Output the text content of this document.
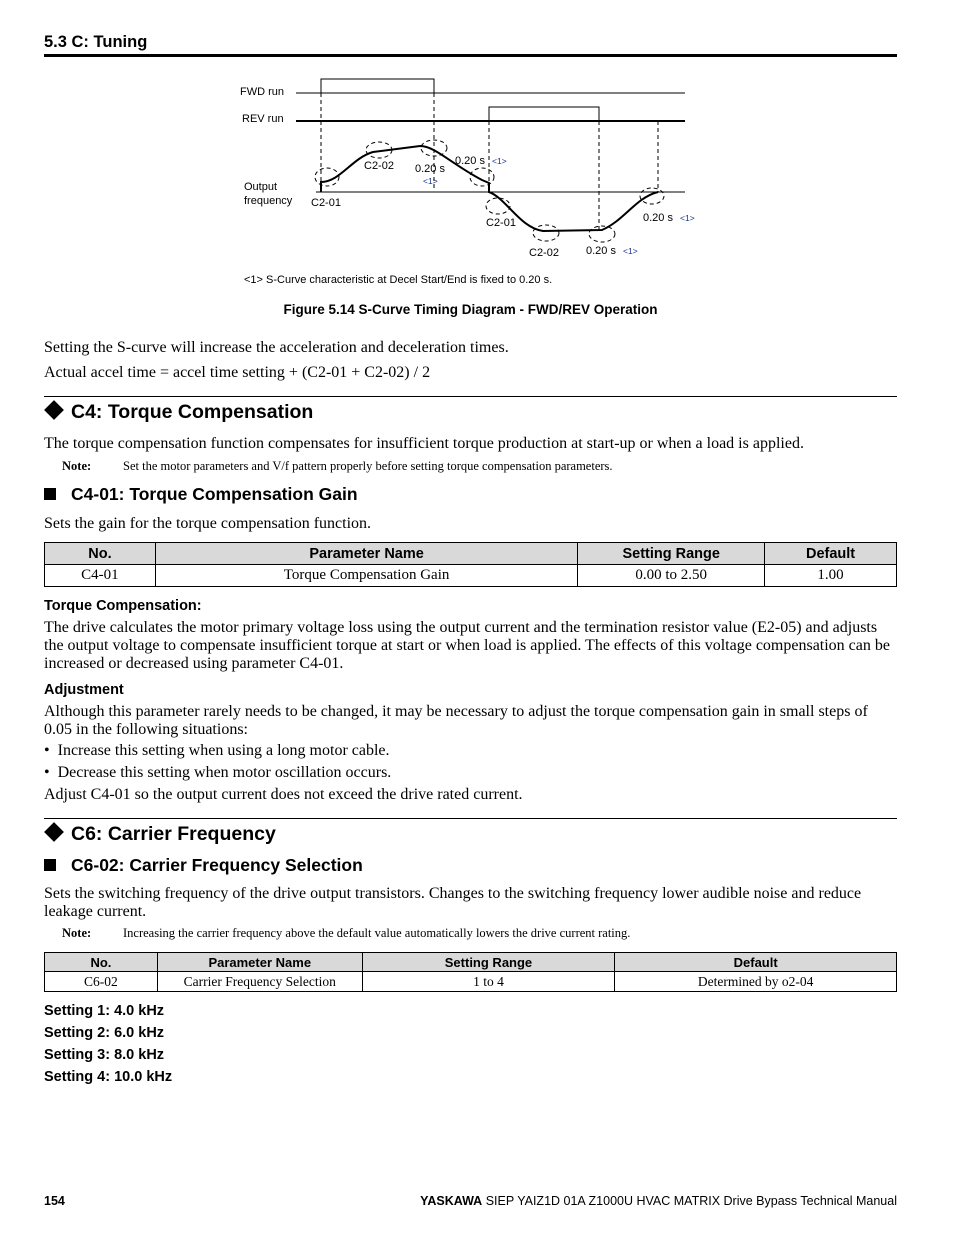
5.3 C: Tuning
FWD run
REV run
Output
frequency
C2-02
C2-01
0.20 s
<1>
0.20 s <1>
C2-01
C2-02
0.20 s <1>
0.20 s <1>
<1> S-Curve characteristic at Decel Start/End is fixed to 0.20 s.
Figure 5.14 S-Curve Timing Diagram - FWD/REV Operation
Setting the S-curve will increase the acceleration and deceleration times.
Actual accel time = accel time setting + (C2-01 + C2-02) / 2
C4: Torque Compensation
The torque compensation function compensates for insufficient torque production at start-up or when a load is applied.
Note:	Set the motor parameters and V/f pattern properly before setting torque compensation parameters.
C4-01: Torque Compensation Gain
Sets the gain for the torque compensation function.
No.	Parameter Name	Setting Range	Default
C4-01	Torque Compensation Gain	0.00 to 2.50	1.00
Torque Compensation:
The drive calculates the motor primary voltage loss using the output current and the termination resistor value (E2-05) and adjusts the output voltage to compensate insufficient torque at start or when load is applied. The effects of this voltage compensation can be increased or decreased using parameter C4-01.
Adjustment
Although this parameter rarely needs to be changed, it may be necessary to adjust the torque compensation gain in small steps of 0.05 in the following situations:
•  Increase this setting when using a long motor cable.
•  Decrease this setting when motor oscillation occurs.
Adjust C4-01 so the output current does not exceed the drive rated current.
C6: Carrier Frequency
C6-02: Carrier Frequency Selection
Sets the switching frequency of the drive output transistors. Changes to the switching frequency lower audible noise and reduce leakage current.
Note:	Increasing the carrier frequency above the default value automatically lowers the drive current rating.
No.	Parameter Name	Setting Range	Default
C6-02	Carrier Frequency Selection	1 to 4	Determined by o2-04
Setting 1: 4.0 kHz
Setting 2: 6.0 kHz
Setting 3: 8.0 kHz
Setting 4: 10.0 kHz
154	YASKAWA SIEP YAIZ1D 01A Z1000U HVAC MATRIX Drive Bypass Technical Manual
